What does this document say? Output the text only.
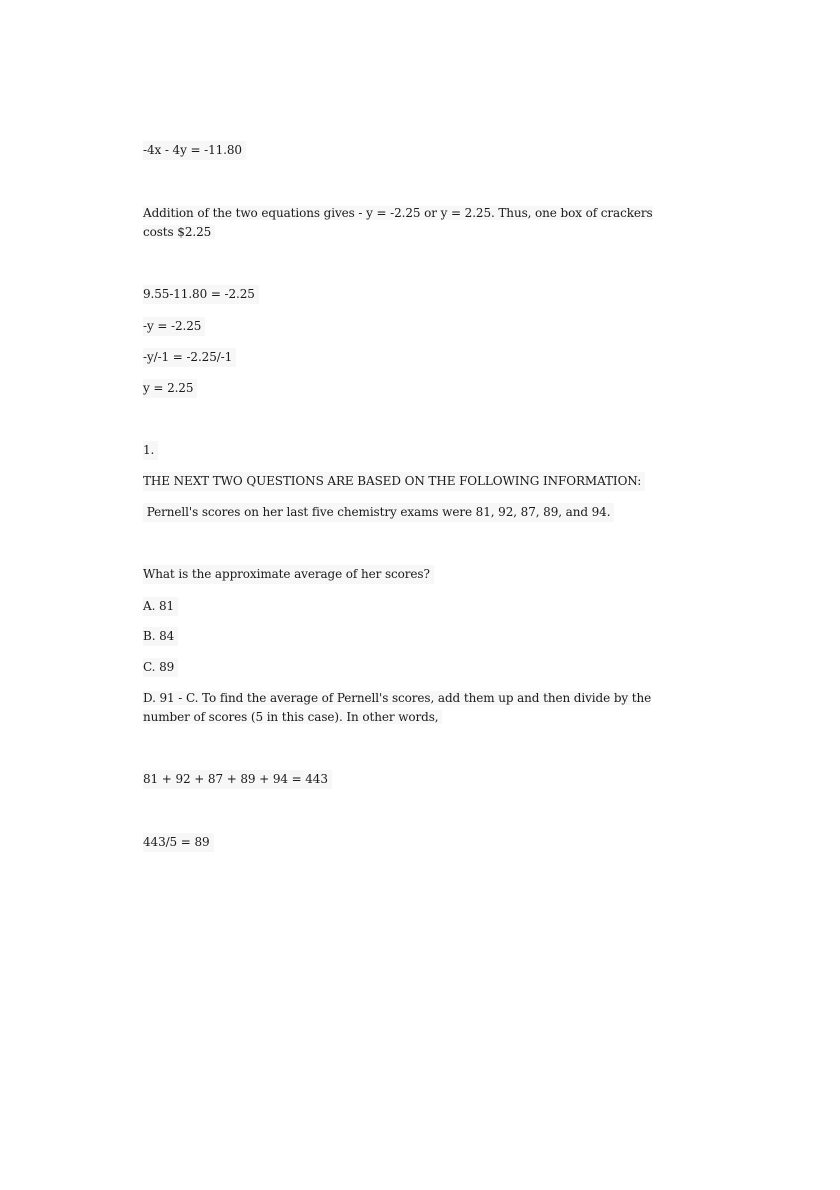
-4x - 4y = -11.80
Addition of the two equations gives - y = -2.25 or y = 2.25. Thus, one box of crackers costs $2.25
9.55-11.80 = -2.25
-y = -2.25
-y/-1 = -2.25/-1
y = 2.25
1.
THE NEXT TWO QUESTIONS ARE BASED ON THE FOLLOWING INFORMATION:
Pernell's scores on her last five chemistry exams were 81, 92, 87, 89, and 94.
What is the approximate average of her scores?
A. 81
B. 84
C. 89
D. 91 - C. To find the average of Pernell's scores, add them up and then divide by the number of scores (5 in this case). In other words,
81 + 92 + 87 + 89 + 94 = 443
443/5 = 89
